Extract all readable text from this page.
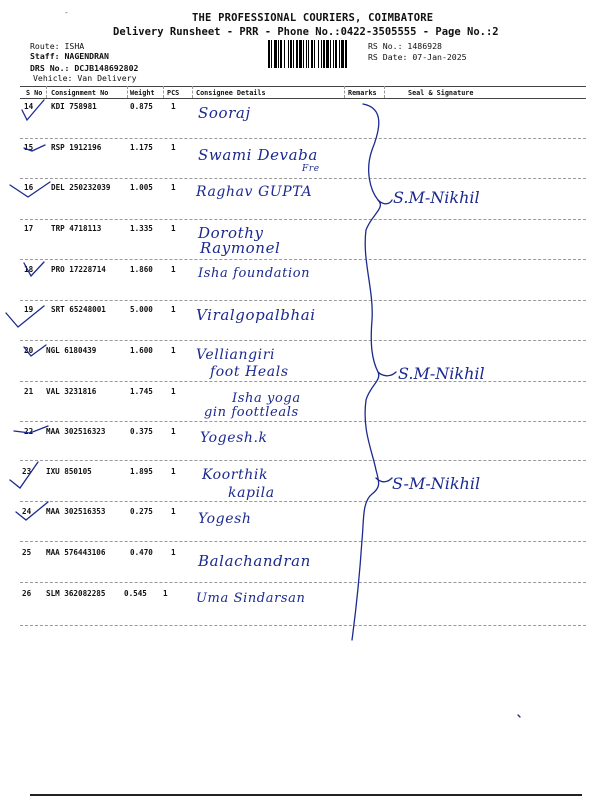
-	THE PROFESSIONAL COURIERS, COIMBATORE
Delivery Runsheet - PRR - Phone No.:0422-3505555 - Page No.:2
Route: ISHA
Staff: NAGENDRAN
DRS No.: DCJB148692802
Vehicle: Van Delivery
RS No.: 1486928
RS Date: 07-Jan-2025
S No Consignment No	Weight PCS Consignee Details	Remarks	Seal & Signature
14 KDI 758981	0.875 1 Sooraj
15 RSP 1912196	1.175 1 Swami Devaba
Fre
16 DEL 250232039	1.005 1 Raghav GUPTA
17 TRP 4718113	1.335 1 Dorothy
Raymonel
18 PRO 17228714	1.860 1 Isha foundation
19 SRT 65248001	5.000 1 Viralgopalbhai
20 NGL 6180439	1.600 1 Velliangiri
foot Heals
21 VAL 3231816	1.745 1	Isha yoga
gin foottleals
22 MAA 302516323	0.375 1 Yogesh.k
23 IXU 850105	1.895 1 Koorthik
kapila
24 MAA 302516353	0.275 1 Yogesh
25 MAA 576443106	0.470 1 Balachandran
26 SLM 362082285 0.545 1 Uma Sindarsan
S.M-Nikhil
S.M-Nikhil
S-M-Nikhil
